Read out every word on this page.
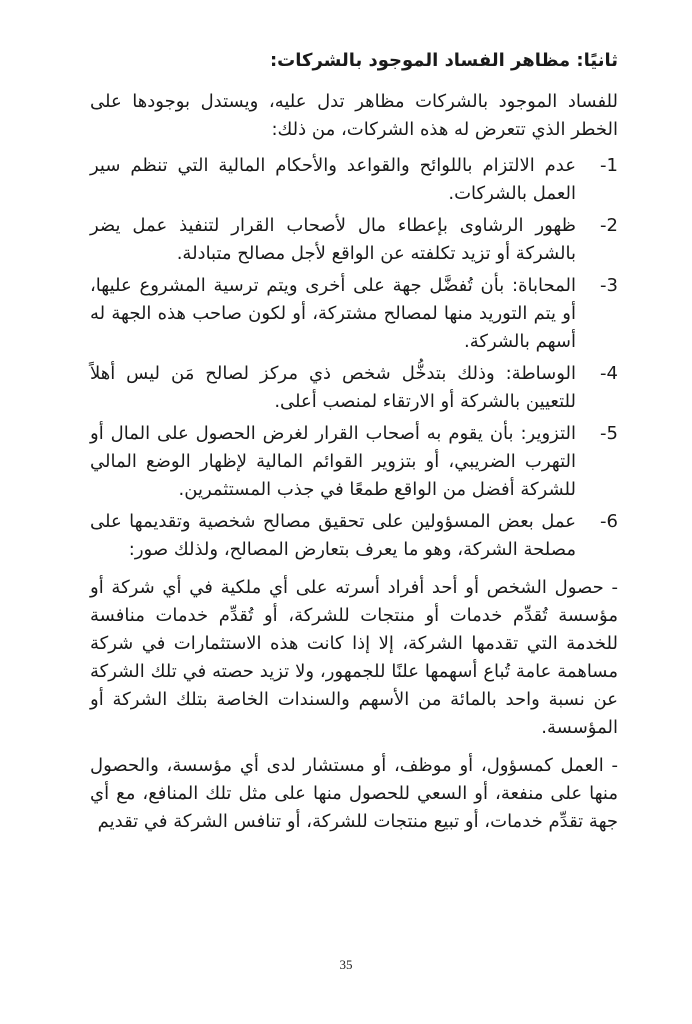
ثانيًا: مظاهر الفساد الموجود بالشركات:
للفساد الموجود بالشركات مظاهر تدل عليه، ويستدل بوجودها على الخطر الذي تتعرض له هذه الشركات، من ذلك:
-1
عدم الالتزام باللوائح والقواعد والأحكام المالية التي تنظم سير العمل بالشركات.
-2
ظهور الرشاوى بإعطاء مال لأصحاب القرار لتنفيذ عمل يضر بالشركة أو تزيد تكلفته عن الواقع لأجل مصالح متبادلة.
-3
المحاباة: بأن تُفضَّل جهة على أخرى ويتم ترسية المشروع عليها، أو يتم التوريد منها لمصالح مشتركة، أو لكون صاحب هذه الجهة له أسهم بالشركة.
-4
الوساطة: وذلك بتدخُّل شخص ذي مركز لصالح مَن ليس أهلاً للتعيين بالشركة أو الارتقاء لمنصب أعلى.
-5
التزوير: بأن يقوم به أصحاب القرار لغرض الحصول على المال أو التهرب الضريبي، أو بتزوير القوائم المالية لإظهار الوضع المالي للشركة أفضل من الواقع طمعًا في جذب المستثمرين.
-6
عمل بعض المسؤولين على تحقيق مصالح شخصية وتقديمها على مصلحة الشركة، وهو ما يعرف بتعارض المصالح، ولذلك صور:
- حصول الشخص أو أحد أفراد أسرته على أي ملكية في أي شركة أو مؤسسة تُقدِّم خدمات أو منتجات للشركة، أو تُقدِّم خدمات منافسة للخدمة التي تقدمها الشركة، إلا إذا كانت هذه الاستثمارات في شركة مساهمة عامة تُباع أسهمها علنًا للجمهور، ولا تزيد حصته في تلك الشركة عن نسبة واحد بالمائة من الأسهم والسندات الخاصة بتلك الشركة أو المؤسسة.
- العمل كمسؤول، أو موظف، أو مستشار لدى أي مؤسسة، والحصول منها على منفعة، أو السعي للحصول منها على مثل تلك المنافع، مع أي جهة تقدِّم خدمات، أو تبيع منتجات للشركة، أو تنافس الشركة في تقديم
35
